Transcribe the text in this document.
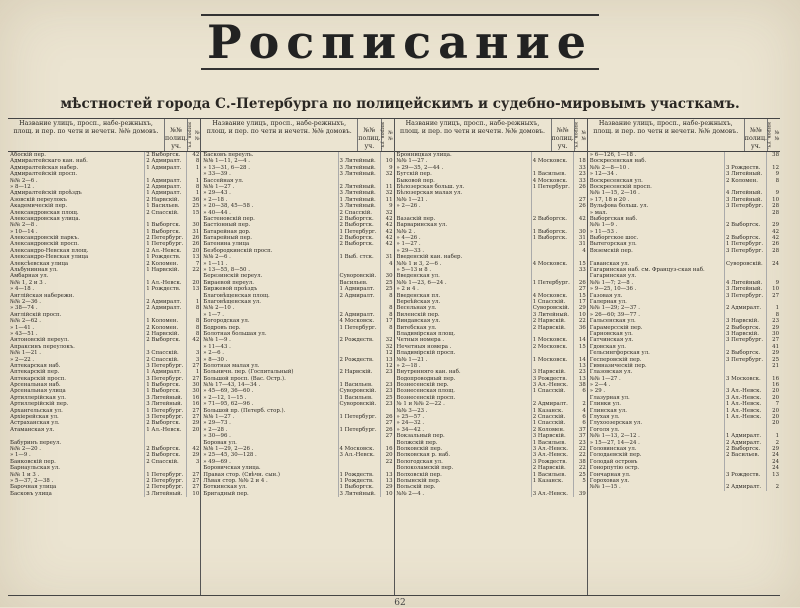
Росписание
мѣстностей города С.-Петербурга по полицейскимъ и судебно-мировымъ участкамъ.
Название улицъ, просп., набе-режныхъ, площ. и пер. по четн и нечетн. №№ домовъ.	№№ полиц. уч.
№№ миров. уч.
Абоскій пер.	2 Выборгск.	42
Адмиралтейскаго кан. наб.	2 Адмиралт.	8
Адмиралтейская набер.	1 Адмиралт.	1
Адмиралтейскій просп.
№№ 2—6 .	1 Адмиралт.	1
» 8—12 .	2 Адмиралт.	8
Адмиралтейскій проѣздъ	1 Адмиралт.	1
Азовскій переулокъ	2 Нарвскій.	36
Академическій пер.	1 Васильев.	25
Александровская площ.	2 Спасскій.	15
Александровская улица.
№№ 2—8 .	1 Выборгск.	30
» 10—14 .	1 Выборгск.	31
Александровскій паркъ.	2 Петербург.	26
Александровскій просп.	1 Петербург.	26
Александро-Невская площ.	2 Ал.-Невск.	20
Александро-Невская улица	1 Рождеств.	13
Алексѣевская улица	2 Коломен.	7
Альбунинная ул.	1 Нарвскій.	22
Амбарная ул.
№№ 1, 2 и 3 .	1 Ал.-Невск.	20
» 4—18 .	1 Рождеств.	13
Англійская набережн.
№№ 2—36 .	2 Адмиралт.	1
» 38—74 .	2 Адмиралт.	8
Англійскій просп.
№№ 2—62 .	1 Коломен.	8
» 1—41 .	2 Коломен.	8
» 43—51 .	2 Нарвскій.	8
Антоновскій переул.	2 Выборгск.	42
Апраксинъ переулокъ.
№№ 1—21 .	3 Спасскій.	3
» 2—22 .	2 Спасскій.	3
Аптекарская наб.	3 Петербург.	27
Аптекарскій пер.	1 Адмиралт.	1
Аптекарскій просп.	3 Петербург.	27
Арсенальная наб.	1 Выборгск.	30
Арсенальная улица	1 Выборгск.	30
Артиллерійская ул.	3 Литейный.	16
Артиллерійскій пер.	3 Литейный.	16
Архангельская ул.	1 Петербург.	27
Архіерейская ул.	3 Петербург.	27
Астраханская ул.	2 Выборгск.	29
Атаманская ул.	1 Ал.-Невск.	20
Бабуринъ переул.
№№ 2—20 .	2 Выборгск.	42
» 1—9 .	2 Выборгск.	29
Банковскій пер.	2 Спасскій.	3
Барнаульская ул.
№№ 1 и 3 .	1 Петербург.	27
» 5—37, 2—38 .	2 Петербург.	27
Барочная улица	2 Петербург.	27
Басковъ улица	3 Литейный.	10
Название улицъ, просп., набе-режныхъ, площ. и пер. по четн и нечетн. №№ домовъ.	№№ полиц. уч.
№№ миров. уч.
Басковъ переулъ.
№№ 1—11, 2—4 .	3 Литейный.	10
» 13—31, 6—28 .	3 Литейный.	9
» 33—39 .	3 Литейный.	32
Бассейная ул.
№№ 1—27 .	2 Литейный.	11
» 29—43 .	3 Литейный.	32
» 2—18 .	1 Литейный.	11
» 20—38, 45—58 .	3 Литейный.	9
» 40—44 .	2 Спасскій.	32
Бастеновскій пер.	2 Выборгск.	42
Бастіонный пер.	2 Выборгск.	42
Батарейная дор.	1 Петербург.	42
Батарейный пер.	2 Выборгск.	42
Батенина улица	2 Выборгск.	42
Безбородкинскій просп.
№№ 2—6 .	1 Выб. стск.	31
» 1—11 .	4
» 13—55, 8—50 .
Березинскій переул.	Суворовскій.	30
Бираевой переул.	Васильев.	25
Биржевой проѣздъ	1 Адмиралт.	25
Благовѣщенская площ.	2 Адмиралт.	8
Благовѣщенская ул.
№№ 2—10 .	8
» 1—7 .	2 Адмиралт.	8
Богородская ул.	4 Московск.	17
Бодровъ пер.	1 Петербург.	8
Болотная большая ул.
№№ 1—9 .	2 Рождеств.	32
» 11—43 .	32
» 2—6 .	12
» 8—30 .	2 Рождеств.	13
Болотная малая ул.	12
Больничн. пер. (Госпитальный)	2 Нарвскій.	23
Большой просп. (Вас. Остр.).
№№ 17—43, 14—34 .	1 Васильев.	23
» 45—69, 36—60 .	Суворовскій.	23
» 2—12, 1—15 .	1 Васильев.	25
» 71—95, 62—96 .	Суворовскій.	23
Большой пр. (Петерб. стор.).
№№ 1—27 .	1 Петербург.	26
» 29—73 .	27
» 2—28 .	1 Петербург.	26
» 30—96 .	27
Боровая ул.
№№ 1—29, 2—26 .	4 Московск.	16
» 25—45, 30—128 .	3 Ал.-Невск.	20
» 49—69 .	22
Боровичская улица.
Правая стор. (Свѣчн. сын.)	1 Рождеств.	13
Лѣвая стор. №№ 2 и 4 .	1 Рождеств.	13
Боткинская ул.	1 Выборгск.	29
Бригадный пер.	3 Литейный.	10
Название улицъ, просп., набе-режныхъ, площ. и пер. по четн и нечетн. №№ домовъ.	№№ полиц. уч.
№№ миров. уч.
Бронницкая улица.
№№ 1—27 .	4 Московск.	18
» 29—35, 2—44 .	33
Бугскій пер.	1 Васильев.	23
Быковой пер.	4 Московск.	33
Бѣлозерская больш. ул.	1 Петербург.	26
Бѣлозерская малая ул.
№№ 1—21 .	27
» 2—26 .	26
Вазаскій пер.	2 Выборгск.	42
Варваринская ул.
№№ 2 .	1 Выборгск.	30
» 4—26 .	1 Выборгск.	31
» 1—27 .	31
» 29—33 .	4
Введенскій кан. набер.
№№ 1 и 3, 2—6 .	4 Московск.	15
» 5—13 и 8 .	33
Введенская ул.
№№ 1—23, 6—24 .	1 Петербург.	26
» 2 и 4 .	27
Введенская пл.	4 Московск.	15
Вереѣйская ул.	1 Спасскій.	17
Весельная ул.	Суворовскій.	29
Виленскій пер.	3 Литейный.	10
Виндавская ул.	2 Нарвскій.	22
Витебская ул.	2 Нарвскій.	36
Владимірская площ.
Четныя номера .	1 Московск.	14
Нечетныя номера .	2 Московск.	15
Владимірскій просп.
№№ 1—21 .	1 Московск.	14
» 2—18 .	13
Внутренняго кан. наб.	3 Нарвскій.	23
Водопроводный пер.	3 Рождеств.	13
Вознесенскій пер.	3 Ал.-Невск.	38
Вознесенская площ.	1 Спасскій.	6
Вознесенскій просп.
№ 1 и №№ 2—22 .	2 Адмиралт.	2
№№ 3—23 .	1 Казанск.	4
» 25—57 .	2 Спасскій.	6
» 24—32 .	1 Спасскій.	6
» 34—42 .	2 Коломен.	37
Вокзальный пер.	3 Нарвскій.	37
Волжскій пер.	1 Васильев.	23
Волковскій пер.	3 Ал.-Невск.	22
Волковская р. наб.	3 Ал.-Невск.	22
Вологодская ул.	3 Рождеств.	38
Волоколамскій пер.	2 Нарвскій.	22
Волховскій пер.	1 Васильев.	25
Волынскій пер.	1 Казанск.	5
Вольскій пер.
№№ 2—4 .	3 Ал.-Невск.	39
Название улицъ, просп., набе-режныхъ, площ. и пер. по четн и нечетн. №№ домовъ.	№№ полиц. уч.
№№ миров. уч.
» 6—126, 1—18 .	38
Воскресенская наб.
№№ 2—8—10 .	3 Рождеств.	12
» 12—34 .	3 Литейный.	9
Воскресенская ул.	2 Коломен.	8
Воскресенскій просп.
№№ 1—15, 2—16 .	4 Литейный.	9
» 17, 18 и 20 .	3 Литейный.	10
Вульфова больш. ул.	3 Петербург.	28
» мал.	28
Выборгская наб.
№№ 1—9 .	2 Выборгск.	29
» 11—53 .	42
Выборгское шос.	2 Выборгск.	42
Вытегорская ул.	1 Петербург.	26
Вяземскій пер.	3 Петербург.	28
Гаванская ул.	Суворовскій.	24
Гагаринская наб. см. Француз-ская наб.
Гагаринская ул.
№№ 1—7; 2—8 .	4 Литейный.	9
» 9—25, 10—36 .	3 Литейный.	10
Газовая ул.	3 Петербург.	27
Галерная ул.
№№ 1—29; 2—37 .	2 Адмиралт.	1
» 26—60; 39—77 .	8
Гальсенская ул.	3 Нарвскій.	23
Гарамерсскій пер.	2 Выборгск.	29
Гарновская ул.	3 Нарвскій.	30
Гатчинская ул.	3 Петербург.	27
Гдовская ул.	41
Гельсингфорская ул.	2 Выборгск.	29
Гесперовскій пер.	3 Петербург.	25
Гимназическій пер.	21
Глазовская ул.
№№ 1—27 .	3 Московск.	16
» 2—4 .	16
» 29 .	3 Ал.-Невск.	20
Глазурная ул.	3 Ал.-Невск.	20
Глинки ул.	1 Ал.-Невск.	7
Глинская ул.	1 Ал.-Невск.	20
Глухая ул.	1 Ал.-Невск.	20
Глухоозерская ул.	20
Гоголя ул.
№№ 1—13, 2—12 .	1 Адмиралт.	1
» 15—27, 14—24 .	2 Адмиралт.	2
Головинская ул.	2 Выборгск.	29
Голодаевскій пер.	2 Васильев.	24
Голодай островъ	24
Гонорпутію остр.	24
Гончарная ул.	3 Рождеств.	13
Гороховая ул.
№№ 1—15 .	2 Адмиралт.	2
62
